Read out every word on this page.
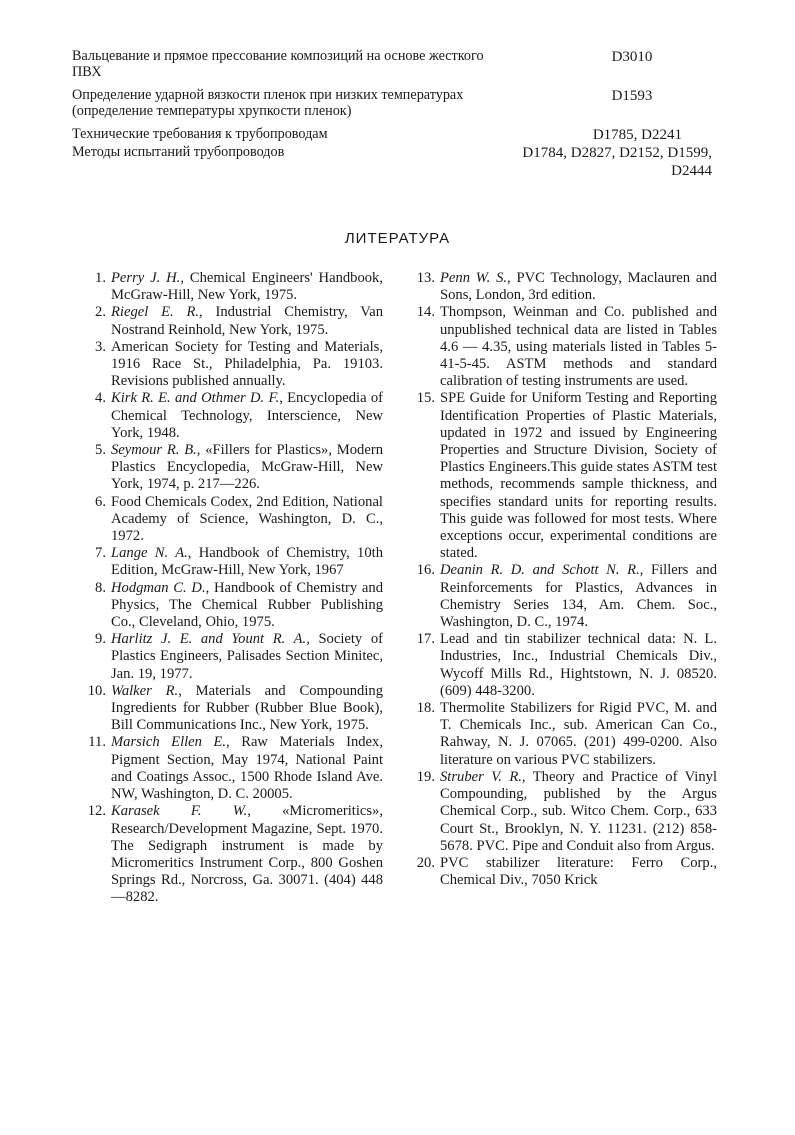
Вальцевание и прямое прессование композиций на основе жесткого ПВХ
D3010
Определение ударной вязкости пленок при низких температурах (определение температуры хрупкости пленок)
D1593
Технические требования к трубопроводам	D1785, D2241
Методы испытаний трубопроводов	D1784, D2827, D2152, D1599, D2444
ЛИТЕРАТУРА
1. Perry J. H., Chemical Engineers' Handbook, McGraw-Hill, New York, 1975.
2. Riegel E. R., Industrial Chemistry, Van Nostrand Reinhold, New York, 1975.
3. American Society for Testing and Materials, 1916 Race St., Philadelphia, Pa. 19103. Revisions published annually.
4. Kirk R. E. and Othmer D. F., Encyclopedia of Chemical Technology, Interscience, New York, 1948.
5. Seymour R. B., «Fillers for Plastics», Modern Plastics Encyclopedia, McGraw-Hill, New York, 1974, p. 217—226.
6. Food Chemicals Codex, 2nd Edition, National Academy of Science, Washington, D. C., 1972.
7. Lange N. A., Handbook of Chemistry, 10th Edition, McGraw-Hill, New York, 1967
8. Hodgman C. D., Handbook of Chemistry and Physics, The Chemical Rubber Publishing Co., Cleveland, Ohio, 1975.
9. Harlitz J. E. and Yount R. A., Society of Plastics Engineers, Palisades Section Minitec, Jan. 19, 1977.
10. Walker R., Materials and Compounding Ingredients for Rubber (Rubber Blue Book), Bill Communications Inc., New York, 1975.
11. Marsich Ellen E., Raw Materials Index, Pigment Section, May 1974, National Paint and Coatings Assoc., 1500 Rhode Island Ave. NW, Washington, D. C. 20005.
12. Karasek F. W., «Micromeritics», Research/Development Magazine, Sept. 1970. The Sedigraph instrument is made by Micromeritics Instrument Corp., 800 Goshen Springs Rd., Norcross, Ga. 30071. (404) 448—8282.
13. Penn W. S., PVC Technology, Maclauren and Sons, London, 3rd edition.
14. Thompson, Weinman and Co. published and unpublished technical data are listed in Tables 4.6 — 4.35, using materials listed in Tables 5-41-5-45. ASTM methods and standard calibration of testing instruments are used.
15. SPE Guide for Uniform Testing and Reporting Identification Properties of Plastic Materials, updated in 1972 and issued by Engineering Properties and Structure Division, Society of Plastics Engineers.This guide states ASTM test methods, recommends sample thickness, and specifies standard units for reporting results. This guide was followed for most tests. Where exceptions occur, experimental conditions are stated.
16. Deanin R. D. and Schott N. R., Fillers and Reinforcements for Plastics, Advances in Chemistry Series 134, Am. Chem. Soc., Washington, D. C., 1974.
17. Lead and tin stabilizer technical data: N. L. Industries, Inc., Industrial Chemicals Div., Wycoff Mills Rd., Hightstown, N. J. 08520. (609) 448-3200.
18. Thermolite Stabilizers for Rigid PVC, M. and T. Chemicals Inc., sub. American Can Co., Rahway, N. J. 07065. (201) 499-0200. Also literature on various PVC stabilizers.
19. Struber V. R., Theory and Practice of Vinyl Compounding, published by the Argus Chemical Corp., sub. Witco Chem. Corp., 633 Court St., Brooklyn, N. Y. 11231. (212) 858-5678. PVC. Pipe and Conduit also from Argus.
20. PVC stabilizer literature: Ferro Corp., Chemical Div., 7050 Krick
